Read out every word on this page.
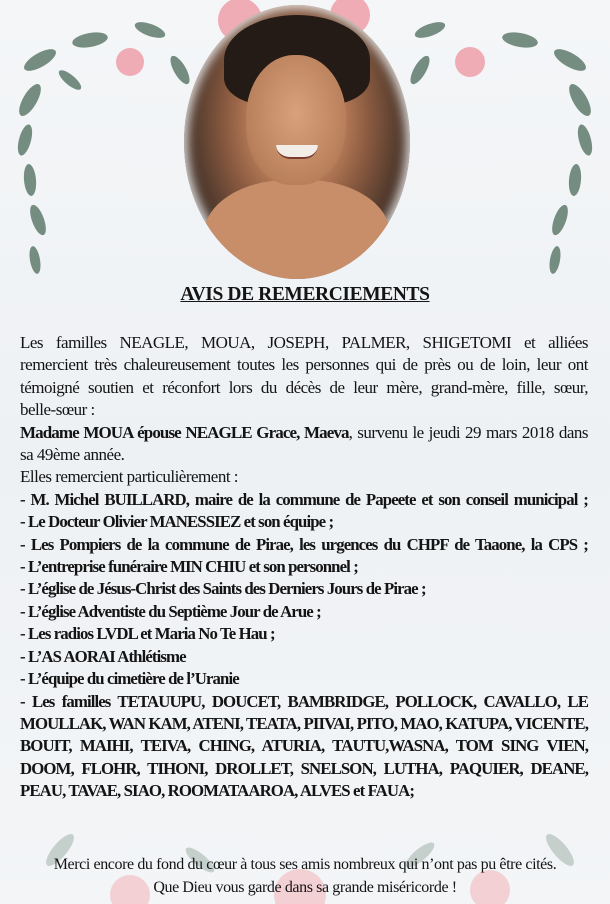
AVIS DE REMERCIEMENTS
Les familles NEAGLE, MOUA, JOSEPH, PALMER, SHIGETOMI et alliées
remercient très chaleureusement toutes les personnes qui de près ou de loin, leur ont
témoigné soutien et réconfort lors du décès de leur mère, grand-mère, fille, sœur,
belle-sœur :
Madame MOUA épouse NEAGLE Grace, Maeva, survenu le jeudi 29 mars 2018 dans
sa 49ème année.
Elles remercient particulièrement :
- M. Michel BUILLARD, maire de la commune de Papeete et son conseil municipal ;
- Le Docteur Olivier MANESSIEZ et son équipe ;
- Les Pompiers de la commune de Pirae, les urgences du CHPF de Taaone, la CPS ;
- L’entreprise funéraire MIN CHIU et son personnel ;
- L’église de Jésus-Christ des Saints des Derniers Jours de Pirae ;
- L’église Adventiste du Septième Jour de Arue ;
- Les radios LVDL et Maria No Te Hau ;
- L’AS AORAI Athlétisme
- L’équipe du cimetière de l’Uranie
- Les familles TETAUUPU, DOUCET, BAMBRIDGE, POLLOCK, CAVALLO, LE
MOULLAK, WAN KAM, ATENI, TEATA, PIIVAI, PITO, MAO, KATUPA, VICENTE,
BOUIT, MAIHI, TEIVA, CHING, ATURIA, TAUTU,WASNA, TOM SING VIEN,
DOOM, FLOHR, TIHONI, DROLLET, SNELSON, LUTHA, PAQUIER, DEANE,
PEAU, TAVAE, SIAO, ROOMATAAROA, ALVES et FAUA;
Merci encore du fond du cœur à tous ses amis nombreux qui n’ont pas pu être cités.
Que Dieu vous garde dans sa grande miséricorde !
